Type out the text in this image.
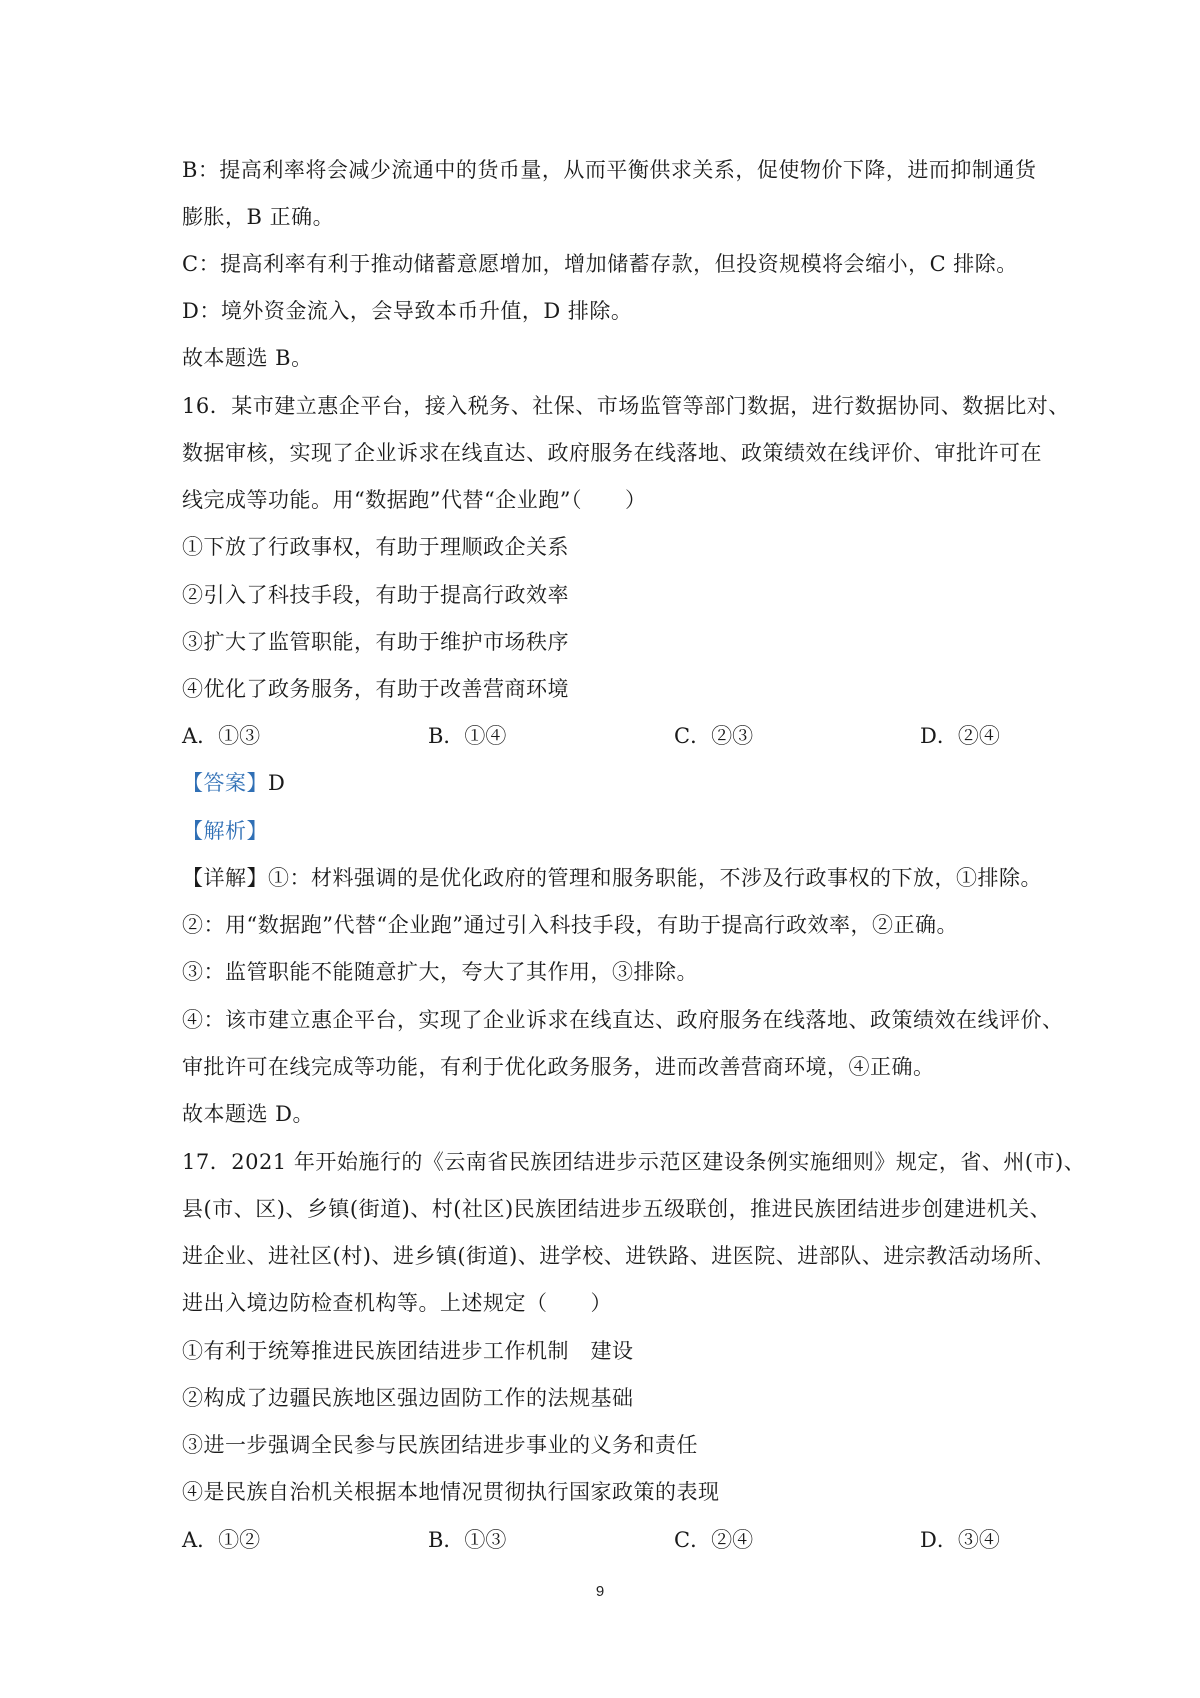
B：提高利率将会减少流通中的货币量，从而平衡供求关系，促使物价下降，进而抑制通货
膨胀，B 正确。
C：提高利率有利于推动储蓄意愿增加，增加储蓄存款，但投资规模将会缩小，C 排除。
D：境外资金流入，会导致本币升值，D 排除。
故本题选 B。
16．某市建立惠企平台，接入税务、社保、市场监管等部门数据，进行数据协同、数据比对、
数据审核，实现了企业诉求在线直达、政府服务在线落地、政策绩效在线评价、审批许可在
线完成等功能。用“数据跑”代替“企业跑”（　　）
①下放了行政事权，有助于理顺政企关系
②引入了科技手段，有助于提高行政效率
③扩大了监管职能，有助于维护市场秩序
④优化了政务服务，有助于改善营商环境
A．①③	B．①④	C．②③	D．②④
【答案】D
【解析】
【详解】①：材料强调的是优化政府的管理和服务职能，不涉及行政事权的下放，①排除。
②：用“数据跑”代替“企业跑”通过引入科技手段，有助于提高行政效率，②正确。
③：监管职能不能随意扩大，夸大了其作用，③排除。
④：该市建立惠企平台，实现了企业诉求在线直达、政府服务在线落地、政策绩效在线评价、
审批许可在线完成等功能，有利于优化政务服务，进而改善营商环境，④正确。
故本题选 D。
17．2021 年开始施行的《云南省民族团结进步示范区建设条例实施细则》规定，省、州(市)、
县(市、区)、乡镇(街道)、村(社区)民族团结进步五级联创，推进民族团结进步创建进机关、
进企业、进社区(村)、进乡镇(街道)、进学校、进铁路、进医院、进部队、进宗教活动场所、
进出入境边防检查机构等。上述规定（　　）
①有利于统筹推进民族团结进步工作机制　建设
②构成了边疆民族地区强边固防工作的法规基础
③进一步强调全民参与民族团结进步事业的义务和责任
④是民族自治机关根据本地情况贯彻执行国家政策的表现
A．①②	B．①③	C．②④	D．③④
9
